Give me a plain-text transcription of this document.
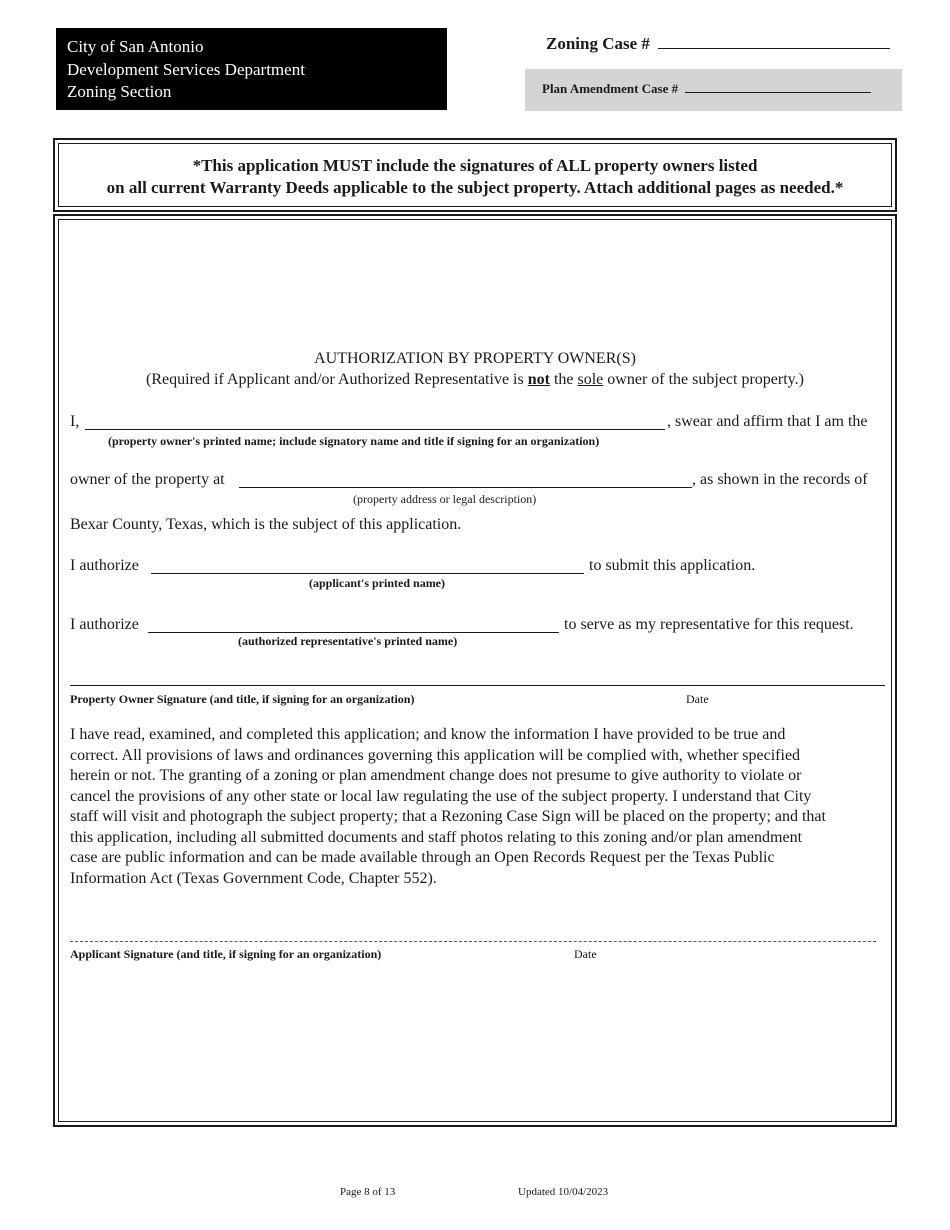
City of San Antonio
Development Services Department
Zoning Section
Zoning Case #
Plan Amendment Case #
*This application MUST include the signatures of ALL property owners listed
on all current Warranty Deeds applicable to the subject property. Attach additional pages as needed.*
AUTHORIZATION BY PROPERTY OWNER(S)
(Required if Applicant and/or Authorized Representative is not the sole owner of the subject property.)
I,	, swear and affirm that I am the
(property owner's printed name; include signatory name and title if signing for an organization)
owner of the property at	, as shown in the records of
(property address or legal description)
Bexar County, Texas, which is the subject of this application.
I authorize	to submit this application.
(applicant's printed name)
I authorize	to serve as my representative for this request.
(authorized representative's printed name)
Property Owner Signature (and title, if signing for an organization)	Date
I have read, examined, and completed this application; and know the information I have provided to be true and
correct. All provisions of laws and ordinances governing this application will be complied with, whether specified
herein or not. The granting of a zoning or plan amendment change does not presume to give authority to violate or
cancel the provisions of any other state or local law regulating the use of the subject property. I understand that City
staff will visit and photograph the subject property; that a Rezoning Case Sign will be placed on the property; and that
this application, including all submitted documents and staff photos relating to this zoning and/or plan amendment
case are public information and can be made available through an Open Records Request per the Texas Public
Information Act (Texas Government Code, Chapter 552).
Applicant Signature (and title, if signing for an organization)	Date
Page 8 of 13	Updated 10/04/2023
